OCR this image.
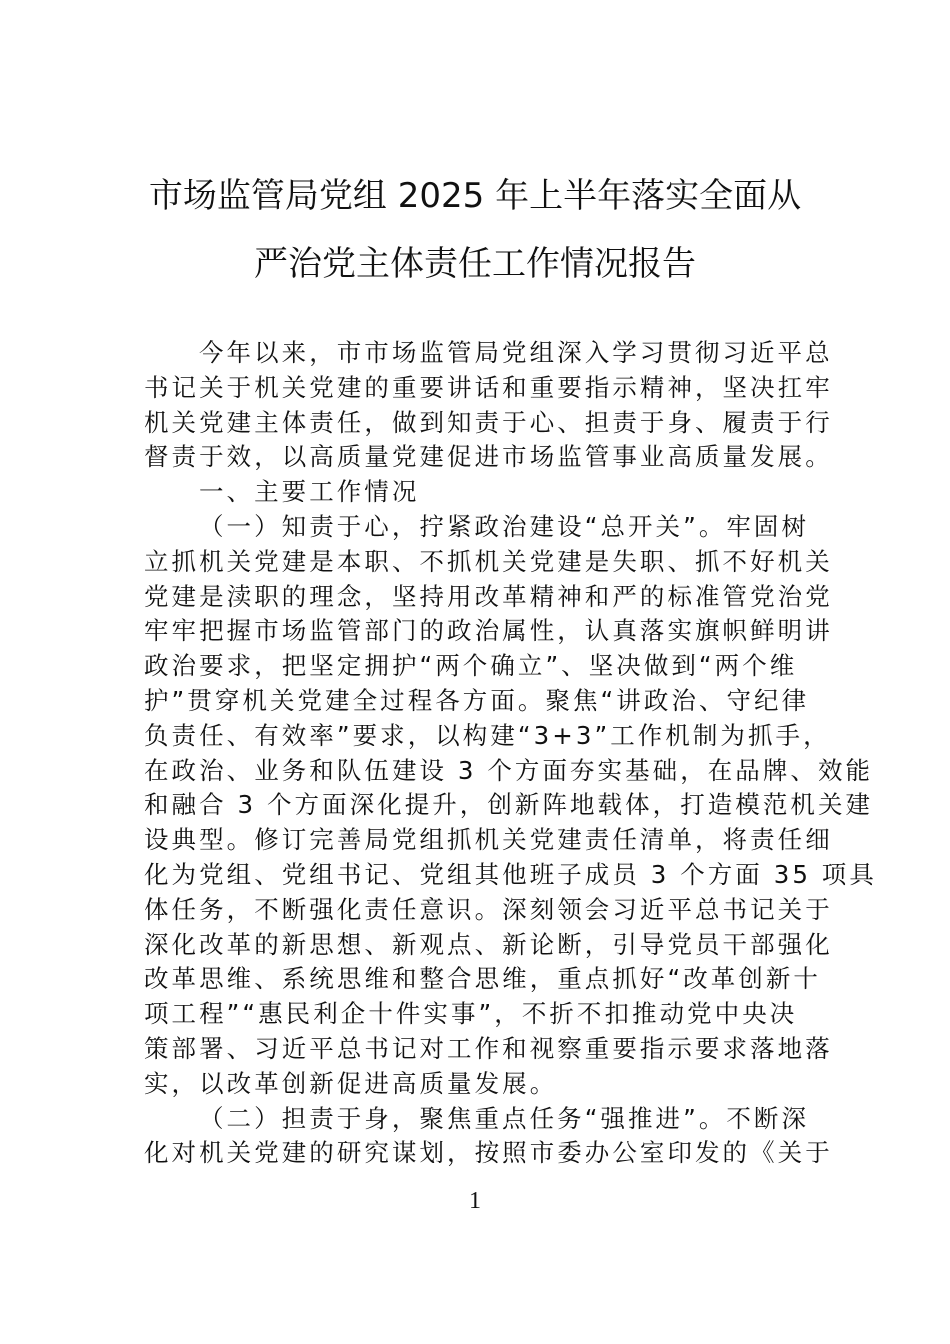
市场监管局党组 2025 年上半年落实全面从
严治党主体责任工作情况报告
今年以来，市市场监管局党组深入学习贯彻习近平总
书记关于机关党建的重要讲话和重要指示精神，坚决扛牢
机关党建主体责任，做到知责于心、担责于身、履责于行
督责于效，以高质量党建促进市场监管事业高质量发展。
一、主要工作情况
（一）知责于心，拧紧政治建设“总开关”。牢固树
立抓机关党建是本职、不抓机关党建是失职、抓不好机关
党建是渎职的理念，坚持用改革精神和严的标准管党治党
牢牢把握市场监管部门的政治属性，认真落实旗帜鲜明讲
政治要求，把坚定拥护“两个确立”、坚决做到“两个维
护”贯穿机关党建全过程各方面。聚焦“讲政治、守纪律
负责任、有效率”要求，以构建“3+3”工作机制为抓手，
在政治、业务和队伍建设 3 个方面夯实基础，在品牌、效能
和融合 3 个方面深化提升，创新阵地载体，打造模范机关建
设典型。修订完善局党组抓机关党建责任清单，将责任细
化为党组、党组书记、党组其他班子成员 3 个方面 35 项具
体任务，不断强化责任意识。深刻领会习近平总书记关于
深化改革的新思想、新观点、新论断，引导党员干部强化
改革思维、系统思维和整合思维，重点抓好“改革创新十
项工程”“惠民利企十件实事”，不折不扣推动党中央决
策部署、习近平总书记对工作和视察重要指示要求落地落
实，以改革创新促进高质量发展。
（二）担责于身，聚焦重点任务“强推进”。不断深
化对机关党建的研究谋划，按照市委办公室印发的《关于
1
